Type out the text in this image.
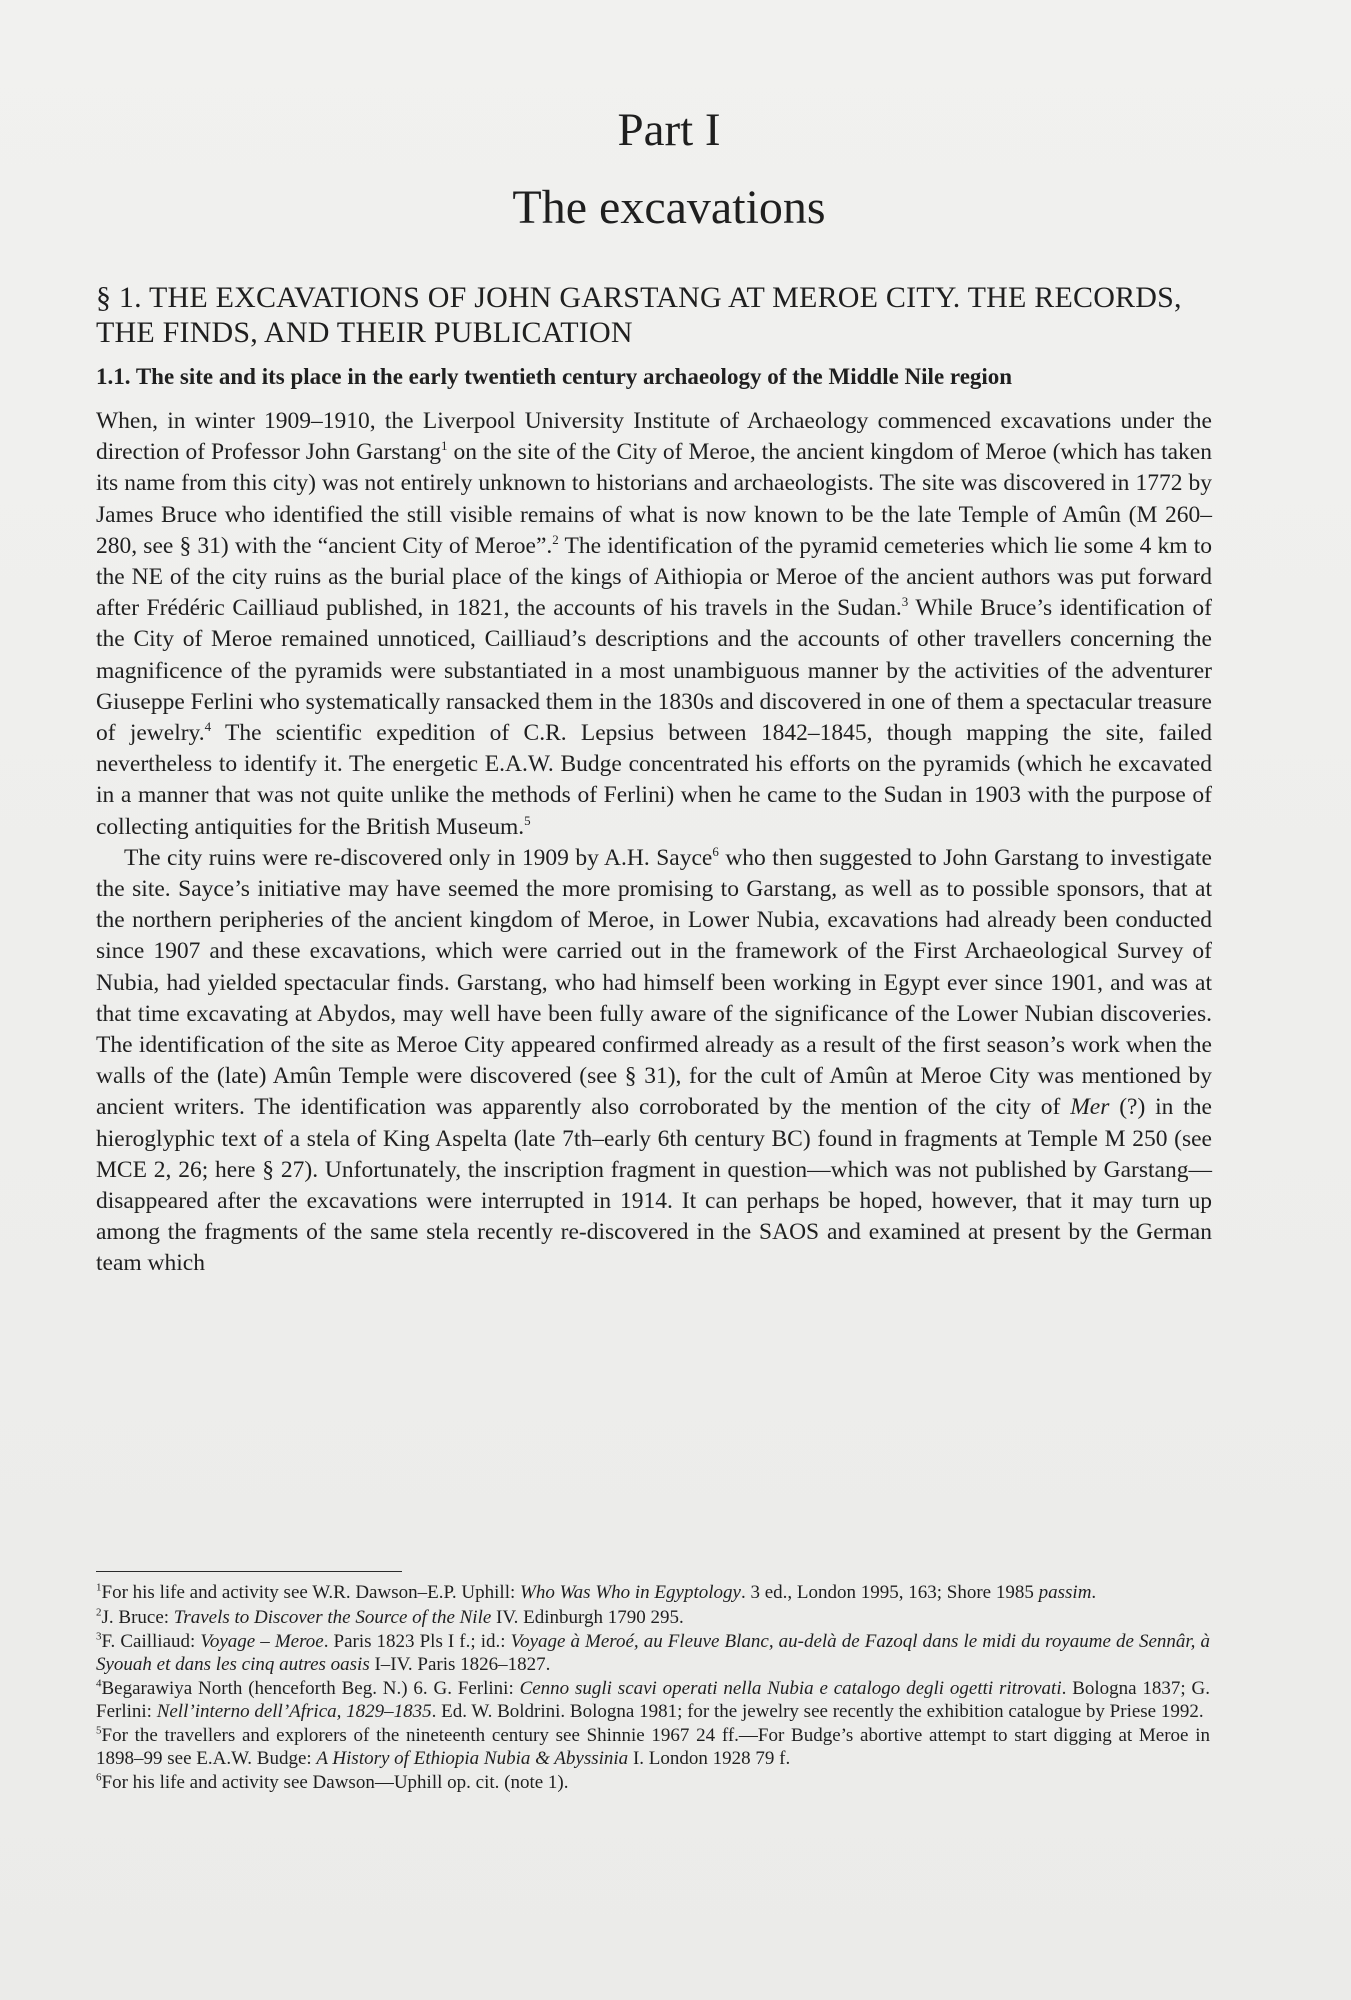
Part I
The excavations
§ 1. THE EXCAVATIONS OF JOHN GARSTANG AT MEROE CITY. THE RECORDS, THE FINDS, AND THEIR PUBLICATION
1.1. The site and its place in the early twentieth century archaeology of the Middle Nile region

When, in winter 1909–1910, the Liverpool University Institute of Archaeology commenced excavations under the direction of Professor John Garstang$^1$ on the site of the City of Meroe, the ancient kingdom of Meroe (which has taken its name from this city) was not entirely unknown to historians and archaeologists. The site was discovered in 1772 by James Bruce who identified the still visible remains of what is now known to be the late Temple of Amûn (M 260–280, see § 31) with the “ancient City of Meroe”.$^2$ The identification of the pyramid cemeteries which lie some 4 km to the NE of the city ruins as the burial place of the kings of Aithiopia or Meroe of the ancient authors was put forward after Frédéric Cailliaud published, in 1821, the accounts of his travels in the Sudan.$^3$ While Bruce’s identification of the City of Meroe remained unnoticed, Cailliaud’s descriptions and the accounts of other travellers concerning the magnificence of the pyramids were substantiated in a most unambiguous manner by the activities of the adventurer Giuseppe Ferlini who systematically ransacked them in the 1830s and discovered in one of them a spectacular treasure of jewelry.$^4$ The scientific expedition of C.R. Lepsius between 1842–1845, though mapping the site, failed nevertheless to identify it. The energetic E.A.W. Budge concentrated his efforts on the pyramids (which he excavated in a manner that was not quite unlike the methods of Ferlini) when he came to the Sudan in 1903 with the purpose of collecting antiquities for the British Museum.$^5$

The city ruins were re-discovered only in 1909 by A.H. Sayce$^6$ who then suggested to John Garstang to investigate the site. Sayce’s initiative may have seemed the more promising to Garstang, as well as to possible sponsors, that at the northern peripheries of the ancient kingdom of Meroe, in Lower Nubia, excavations had already been conducted since 1907 and these excavations, which were carried out in the framework of the First Archaeological Survey of Nubia, had yielded spectacular finds. Garstang, who had himself been working in Egypt ever since 1901, and was at that time excavating at Abydos, may well have been fully aware of the significance of the Lower Nubian discoveries. The identification of the site as Meroe City appeared confirmed already as a result of the first season’s work when the walls of the (late) Amûn Temple were discovered (see § 31), for the cult of Amûn at Meroe City was mentioned by ancient writers. The identification was apparently also corroborated by the mention of the city of Mer (?) in the hieroglyphic text of a stela of King Aspelta (late 7th–early 6th century BC) found in fragments at Temple M 250 (see MCE 2, 26; here § 27). Unfortunately, the inscription fragment in question—which was not published by Garstang—disappeared after the excavations were interrupted in 1914. It can perhaps be hoped, however, that it may turn up among the fragments of the same stela recently re-discovered in the SAOS and examined at present by the German team which

$^1$For his life and activity see W.R. Dawson–E.P. Uphill: Who Was Who in Egyptology. 3 ed., London 1995, 163; Shore 1985 passim.

$^2$J. Bruce: Travels to Discover the Source of the Nile IV. Edinburgh 1790 295.

$^3$F. Cailliaud: Voyage – Meroe. Paris 1823 Pls I f.; id.: Voyage à Meroé, au Fleuve Blanc, au-delà de Fazoql dans le midi du royaume de Sennâr, à Syouah et dans les cinq autres oasis I–IV. Paris 1826–1827.

$^4$Begarawiya North (henceforth Beg. N.) 6. G. Ferlini: Cenno sugli scavi operati nella Nubia e catalogo degli ogetti ritrovati. Bologna 1837; G. Ferlini: Nell’interno dell’Africa, 1829–1835. Ed. W. Boldrini. Bologna 1981; for the jewelry see recently the exhibition catalogue by Priese 1992.

$^5$For the travellers and explorers of the nineteenth century see Shinnie 1967 24 ff.—For Budge’s abortive attempt to start digging at Meroe in 1898–99 see E.A.W. Budge: A History of Ethiopia Nubia & Abyssinia I. London 1928 79 f.

$^6$For his life and activity see Dawson—Uphill op. cit. (note 1).
